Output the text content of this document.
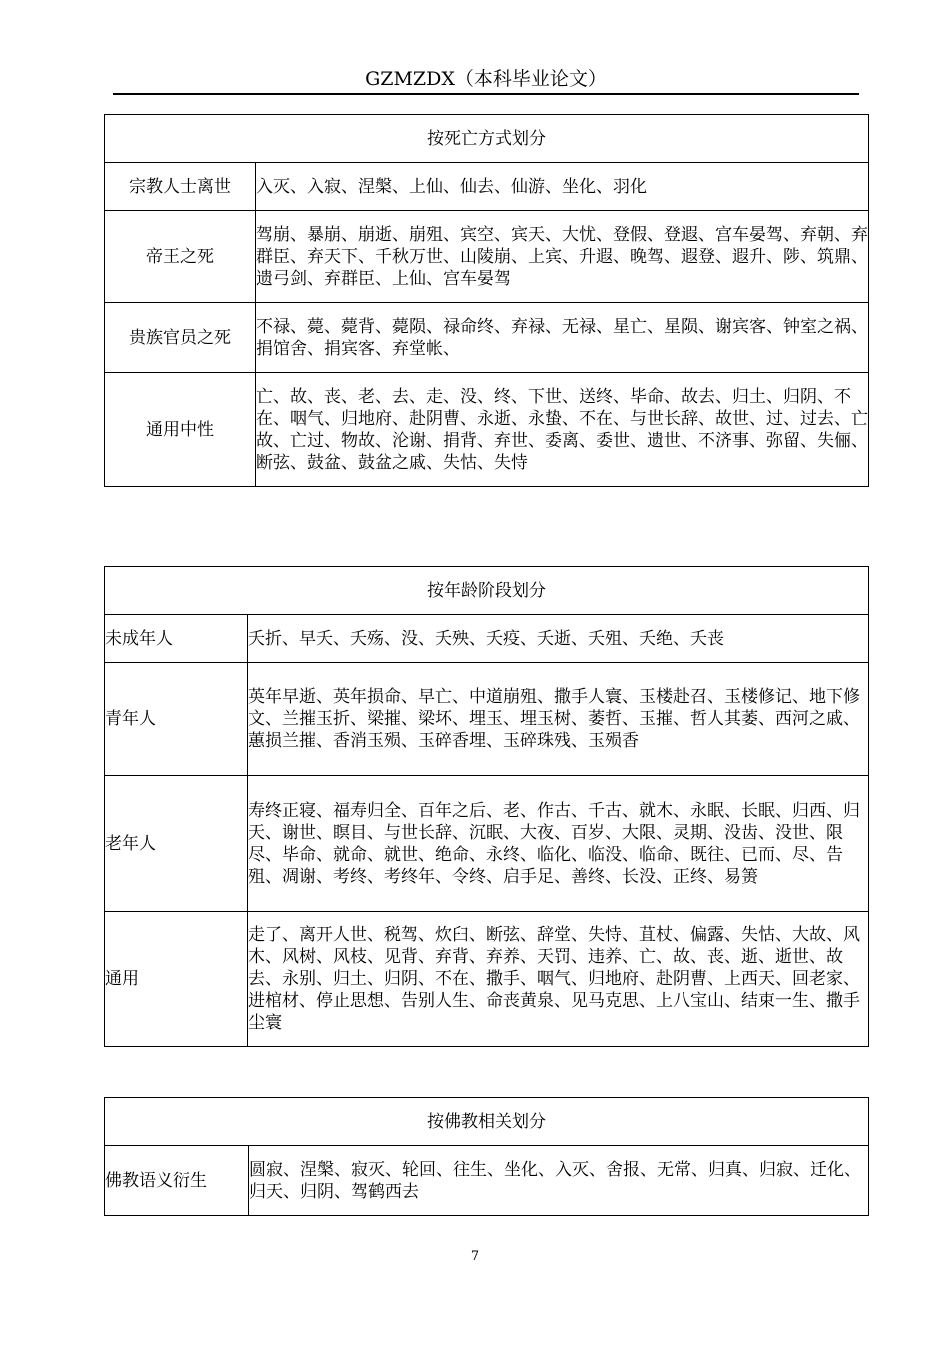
GZMZDX（本科毕业论文）
按死亡方式划分	
宗教人士离世	入灭、入寂、涅槃、上仙、仙去、仙游、坐化、羽化
帝王之死	驾崩、暴崩、崩逝、崩殂、宾空、宾天、大忧、登假、登遐、宫车晏驾、弃朝、弃群臣、弃天下、千秋万世、山陵崩、上宾、升遐、晚驾、遐登、遐升、陟、筑鼎、遗弓剑、弃群臣、上仙、宫车晏驾
贵族官员之死	不禄、薨、薨背、薨陨、禄命终、弃禄、无禄、星亡、星陨、谢宾客、钟室之祸、捐馆舍、捐宾客、弃堂帐、
通用中性	亡、故、丧、老、去、走、没、终、下世、送终、毕命、故去、归土、归阴、不在、咽气、归地府、赴阴曹、永逝、永蛰、不在、与世长辞、故世、过、过去、亡故、亡过、物故、沦谢、捐背、弃世、委离、委世、遗世、不济事、弥留、失俪、断弦、鼓盆、鼓盆之戚、失怙、失恃
按年龄阶段划分	
未成年人	夭折、早夭、夭殇、没、夭殃、夭疫、夭逝、夭殂、夭绝、夭丧
青年人	英年早逝、英年损命、早亡、中道崩殂、撒手人寰、玉楼赴召、玉楼修记、地下修文、兰摧玉折、梁摧、梁坏、埋玉、埋玉树、萎哲、玉摧、哲人其萎、西河之戚、蕙损兰摧、香消玉殒、玉碎香埋、玉碎珠残、玉殒香
老年人	寿终正寝、福寿归全、百年之后、老、作古、千古、就木、永眠、长眠、归西、归天、谢世、瞑目、与世长辞、沉眠、大夜、百岁、大限、灵期、没齿、没世、限尽、毕命、就命、就世、绝命、永终、临化、临没、临命、既往、已而、尽、告殂、凋谢、考终、考终年、令终、启手足、善终、长没、正终、易箦
通用	走了、离开人世、税驾、炊臼、断弦、辞堂、失恃、苴杖、偏露、失怙、大故、风木、风树、风枝、见背、弃背、弃养、天罚、违养、亡、故、丧、逝、逝世、故去、永别、归土、归阴、不在、撒手、咽气、归地府、赴阴曹、上西天、回老家、进棺材、停止思想、告别人生、命丧黄泉、见马克思、上八宝山、结束一生、撒手尘寰
按佛教相关划分
佛教语义衍生	圆寂、涅槃、寂灭、轮回、往生、坐化、入灭、舍报、无常、归真、归寂、迁化、归天、归阴、驾鹤西去
7
